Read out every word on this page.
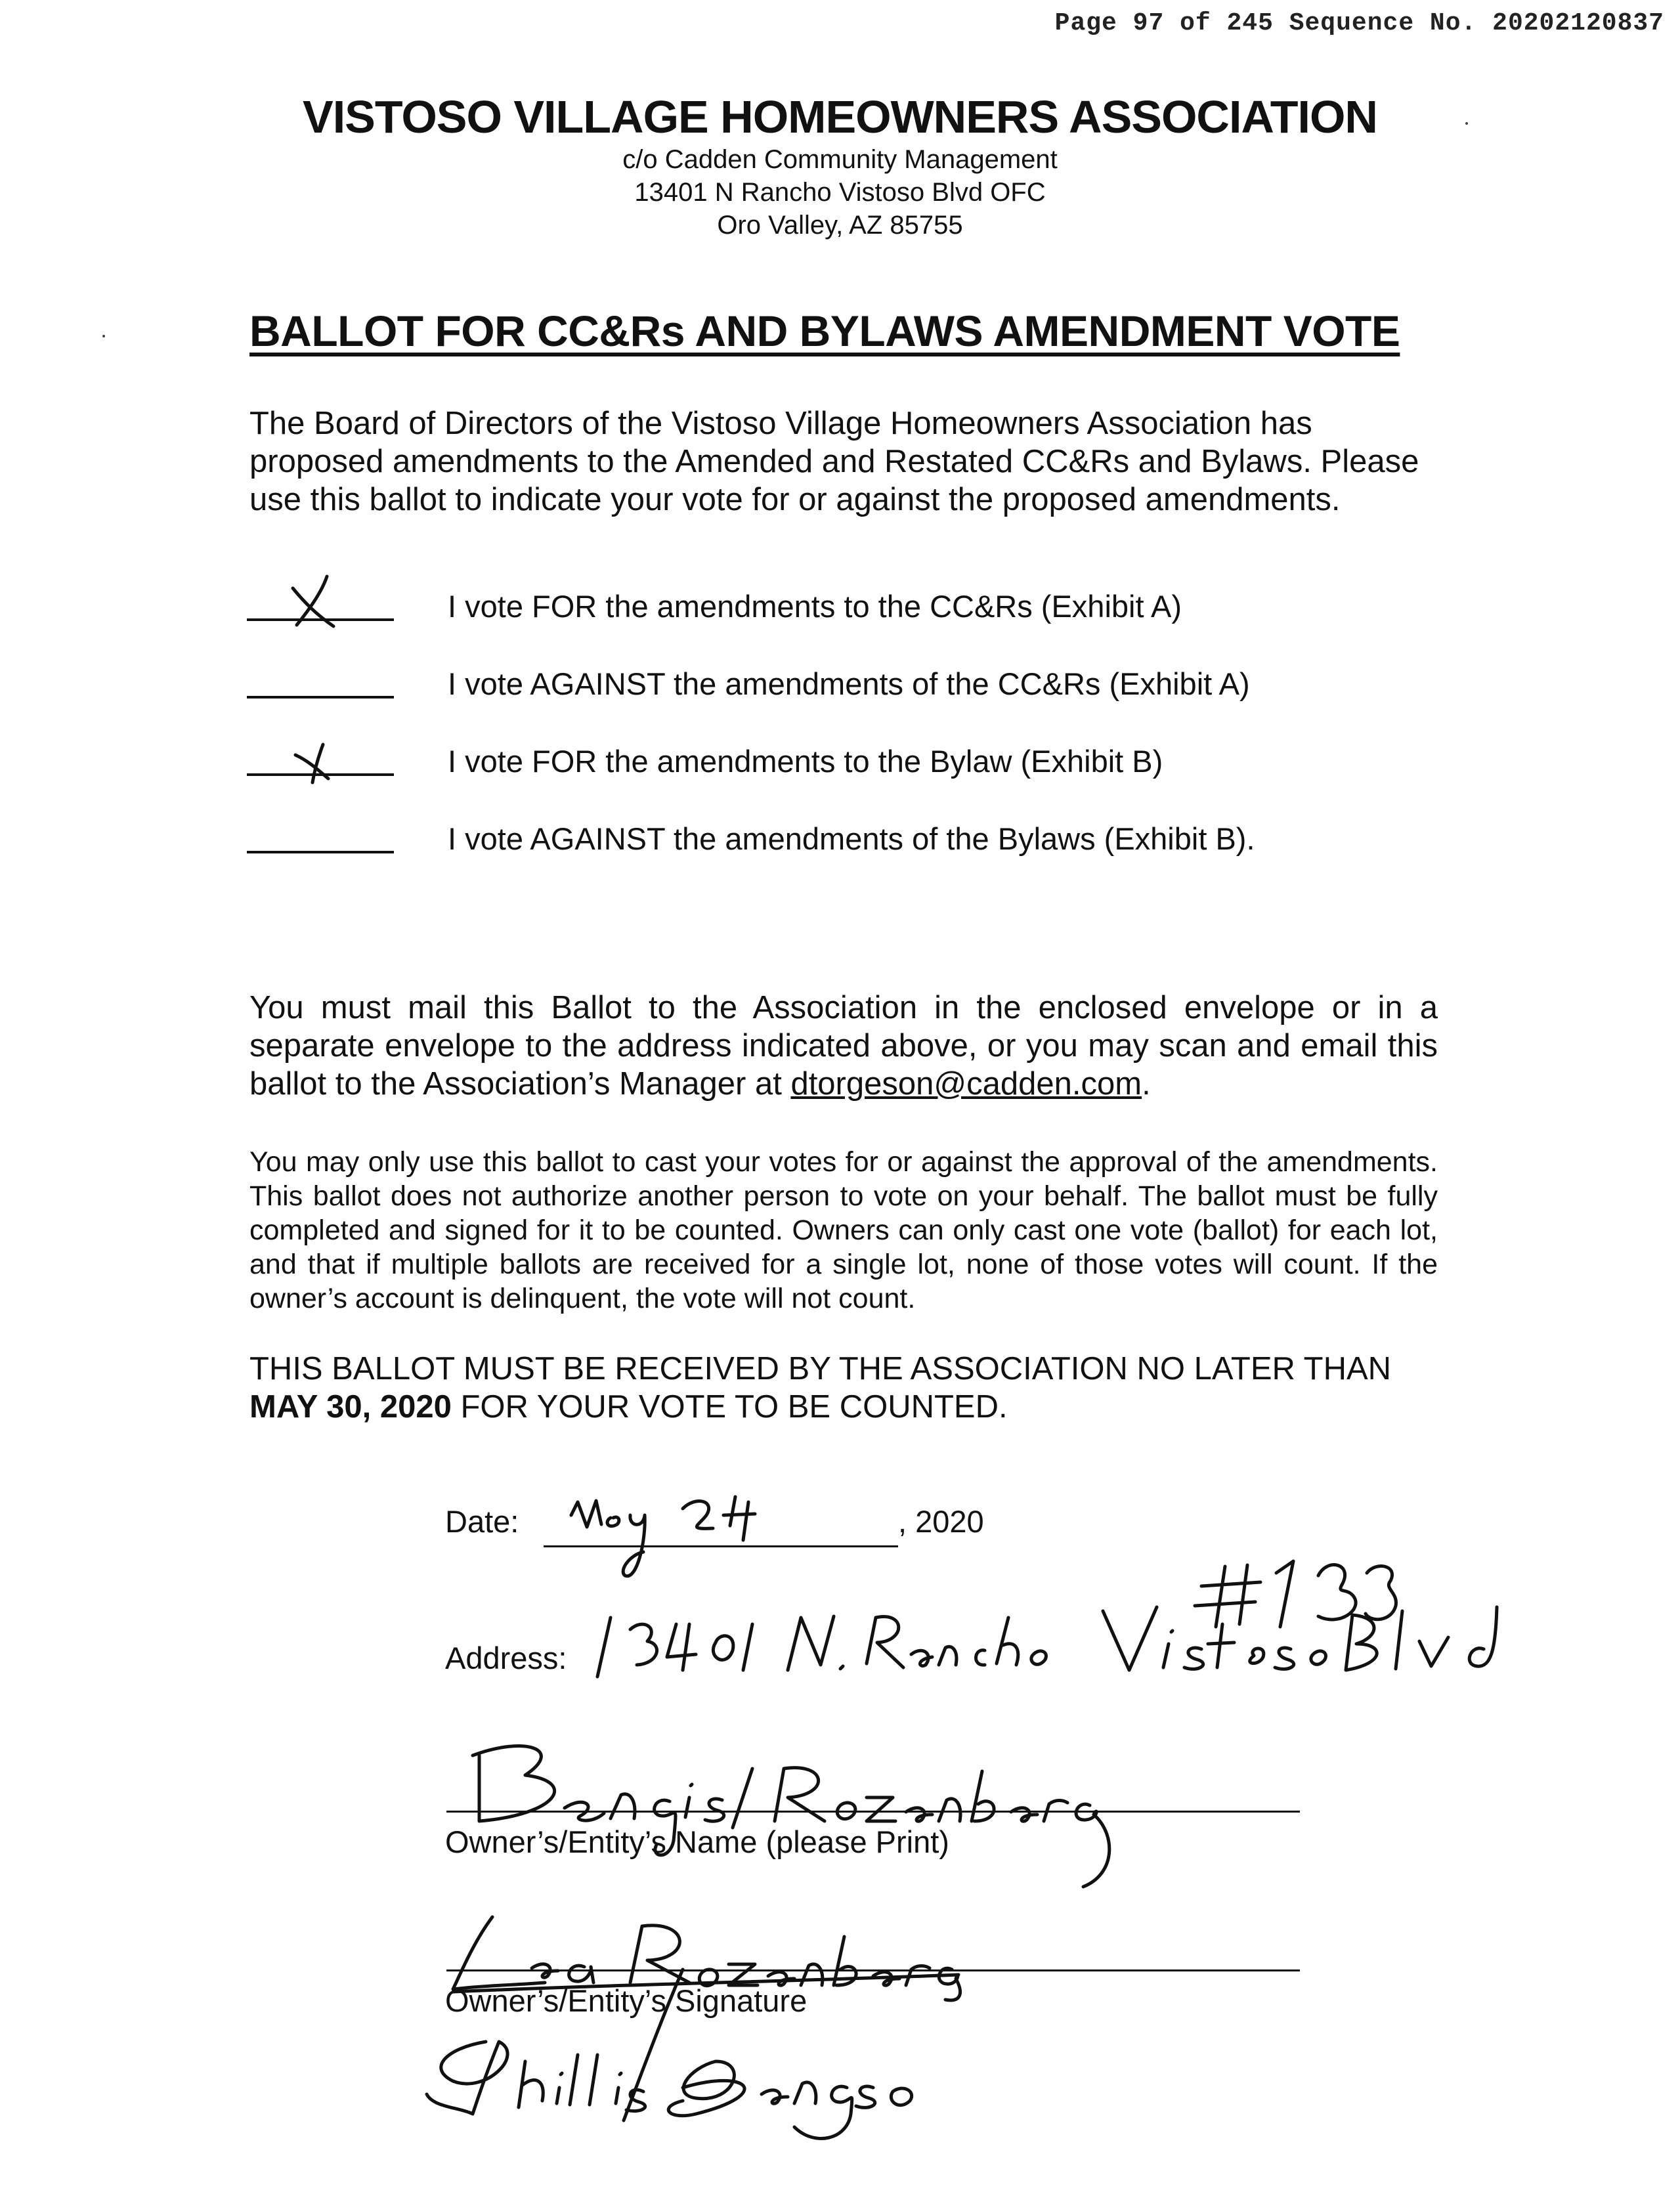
Page 97 of 245 Sequence No. 20202120837
VISTOSO VILLAGE HOMEOWNERS ASSOCIATION
c/o Cadden Community Management
13401 N Rancho Vistoso Blvd OFC
Oro Valley, AZ 85755
BALLOT FOR CC&Rs AND BYLAWS AMENDMENT VOTE
The Board of Directors of the Vistoso Village Homeowners Association has proposed amendments to the Amended and Restated CC&Rs and Bylaws. Please use this ballot to indicate your vote for or against the proposed amendments.
I vote FOR the amendments to the CC&Rs (Exhibit A)
I vote AGAINST the amendments of the CC&Rs (Exhibit A)
I vote FOR the amendments to the Bylaw (Exhibit B)
I vote AGAINST the amendments of the Bylaws (Exhibit B).
You must mail this Ballot to the Association in the enclosed envelope or in a separate envelope to the address indicated above, or you may scan and email this ballot to the Association’s Manager at dtorgeson@cadden.com.
You may only use this ballot to cast your votes for or against the approval of the amendments. This ballot does not authorize another person to vote on your behalf. The ballot must be fully completed and signed for it to be counted. Owners can only cast one vote (ballot) for each lot, and that if multiple ballots are received for a single lot, none of those votes will count. If the owner’s account is delinquent, the vote will not count.
THIS BALLOT MUST BE RECEIVED BY THE ASSOCIATION NO LATER THAN
MAY 30, 2020 FOR YOUR VOTE TO BE COUNTED.
Date:	, 2020
Address:
Owner’s/Entity’s Name (please Print)
Owner’s/Entity’s Signature
